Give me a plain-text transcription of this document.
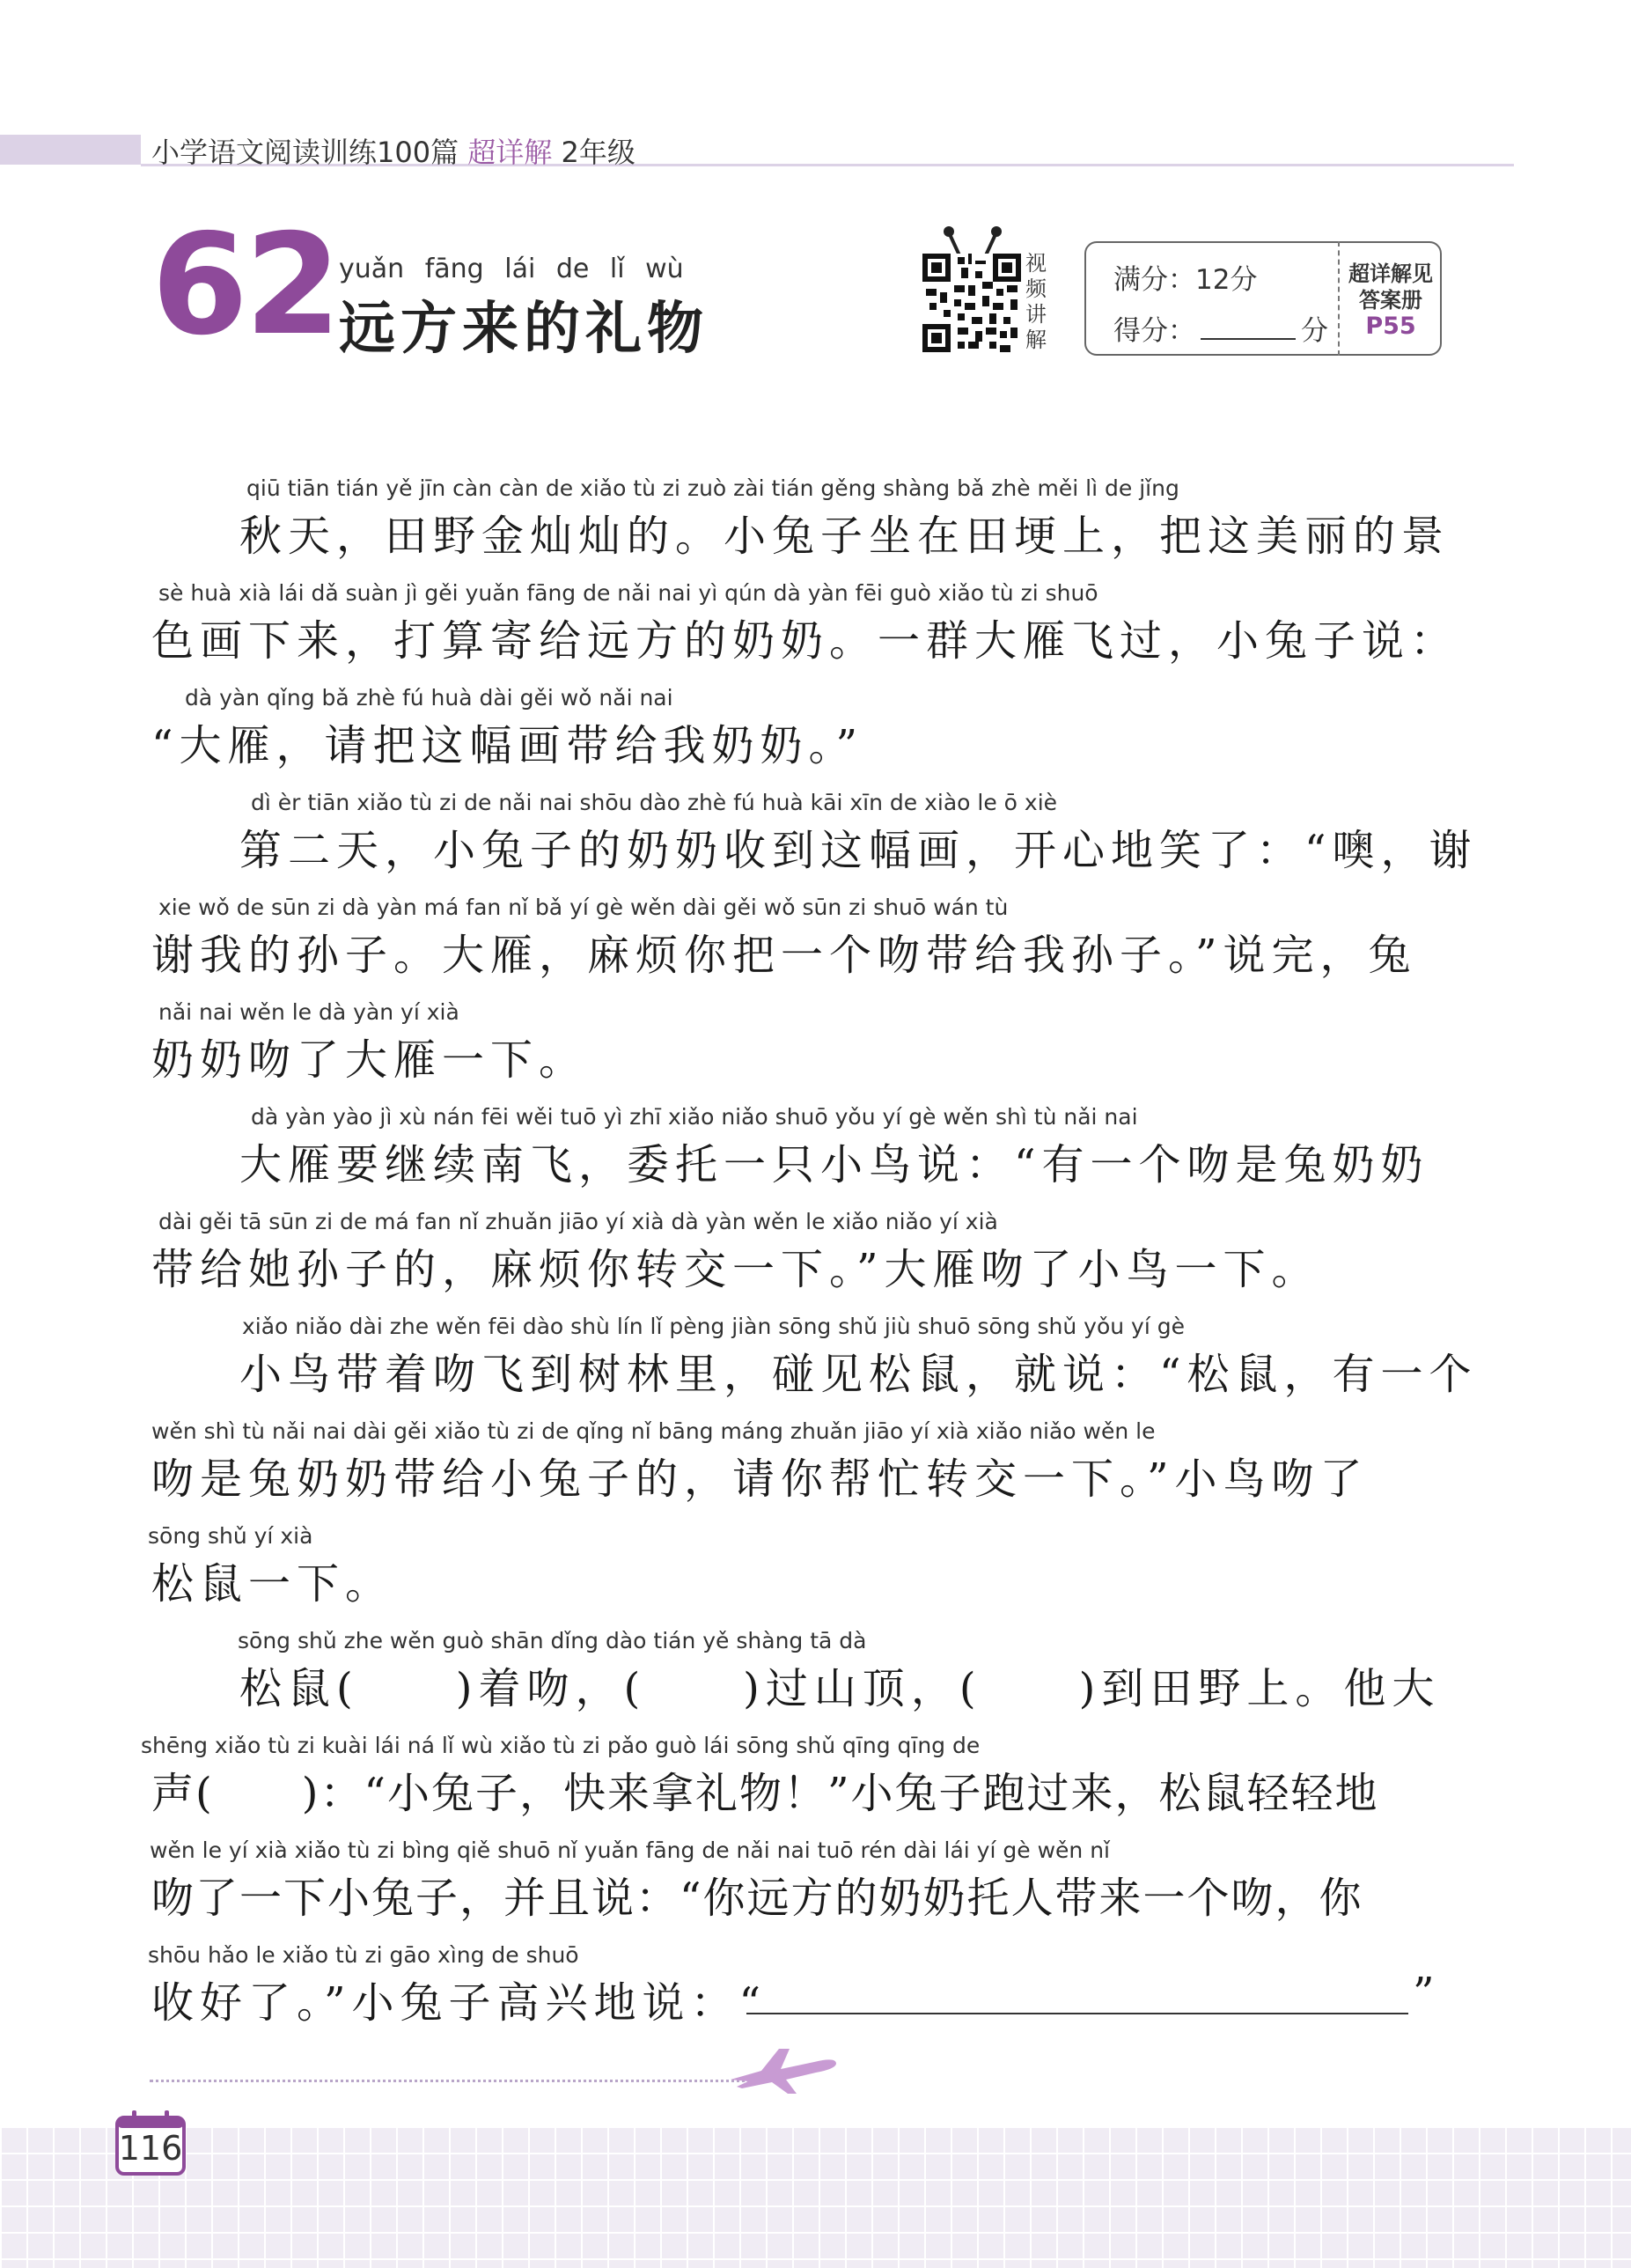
小学语文阅读训练100篇 超详解 2年级
62 yuǎn fāng lái de lǐ wù
远方来的礼物
视
频
讲
解
满分：12分
得分：	分
超详解见
答案册
P55
qiū tiān tián yě jīn càn càn de xiǎo tù zi zuò zài tián gěng shàng bǎ zhè měi lì de jǐng
秋天，田野金灿灿的。小兔子坐在田埂上，把这美丽的景
sè huà xià lái dǎ suàn jì gěi yuǎn fāng de nǎi nai yì qún dà yàn fēi guò xiǎo tù zi shuō
色画下来，打算寄给远方的奶奶。一群大雁飞过，小兔子说：
dà yàn qǐng bǎ zhè fú huà dài gěi wǒ nǎi nai
“大雁，请把这幅画带给我奶奶。”
dì èr tiān xiǎo tù zi de nǎi nai shōu dào zhè fú huà kāi xīn de xiào le ō xiè
第二天，小兔子的奶奶收到这幅画，开心地笑了：“噢，谢
xie wǒ de sūn zi dà yàn má fan nǐ bǎ yí gè wěn dài gěi wǒ sūn zi shuō wán tù
谢我的孙子。大雁，麻烦你把一个吻带给我孙子。”说完，兔
nǎi nai wěn le dà yàn yí xià
奶奶吻了大雁一下。
dà yàn yào jì xù nán fēi wěi tuō yì zhī xiǎo niǎo shuō yǒu yí gè wěn shì tù nǎi nai
大雁要继续南飞，委托一只小鸟说：“有一个吻是兔奶奶
dài gěi tā sūn zi de má fan nǐ zhuǎn jiāo yí xià dà yàn wěn le xiǎo niǎo yí xià
带给她孙子的，麻烦你转交一下。”大雁吻了小鸟一下。
xiǎo niǎo dài zhe wěn fēi dào shù lín lǐ pèng jiàn sōng shǔ jiù shuō sōng shǔ yǒu yí gè
小鸟带着吻飞到树林里，碰见松鼠，就说：“松鼠，有一个
wěn shì tù nǎi nai dài gěi xiǎo tù zi de qǐng nǐ bāng máng zhuǎn jiāo yí xià xiǎo niǎo wěn le
吻是兔奶奶带给小兔子的，请你帮忙转交一下。”小鸟吻了
sōng shǔ yí xià
松鼠一下。
sōng shǔ zhe wěn guò shān dǐng dào tián yě shàng tā dà
松鼠(　　)着吻，(　　)过山顶，(　　)到田野上。他大
shēng xiǎo tù zi kuài lái ná lǐ wù xiǎo tù zi pǎo guò lái sōng shǔ qīng qīng de
声(　　)：“小兔子，快来拿礼物！”小兔子跑过来，松鼠轻轻地
wěn le yí xià xiǎo tù zi bìng qiě shuō nǐ yuǎn fāng de nǎi nai tuō rén dài lái yí gè wěn nǐ
吻了一下小兔子，并且说：“你远方的奶奶托人带来一个吻，你
shōu hǎo le xiǎo tù zi gāo xìng de shuō
收好了。”小兔子高兴地说：“	”
116
